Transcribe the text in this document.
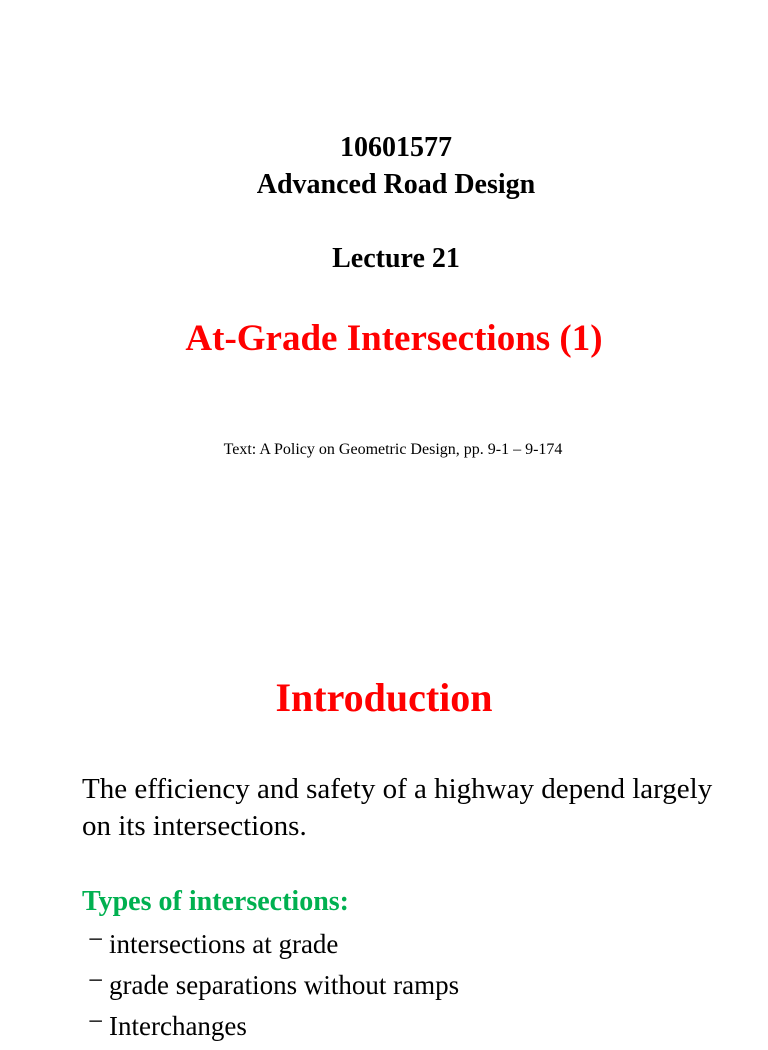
10601577
Advanced Road Design
Lecture 21
At-Grade Intersections (1)
Text: A Policy on Geometric Design, pp. 9-1 – 9-174
Introduction
The efficiency and safety of a highway depend largely on its intersections.
Types of intersections:
− intersections at grade
− grade separations without ramps
− Interchanges
